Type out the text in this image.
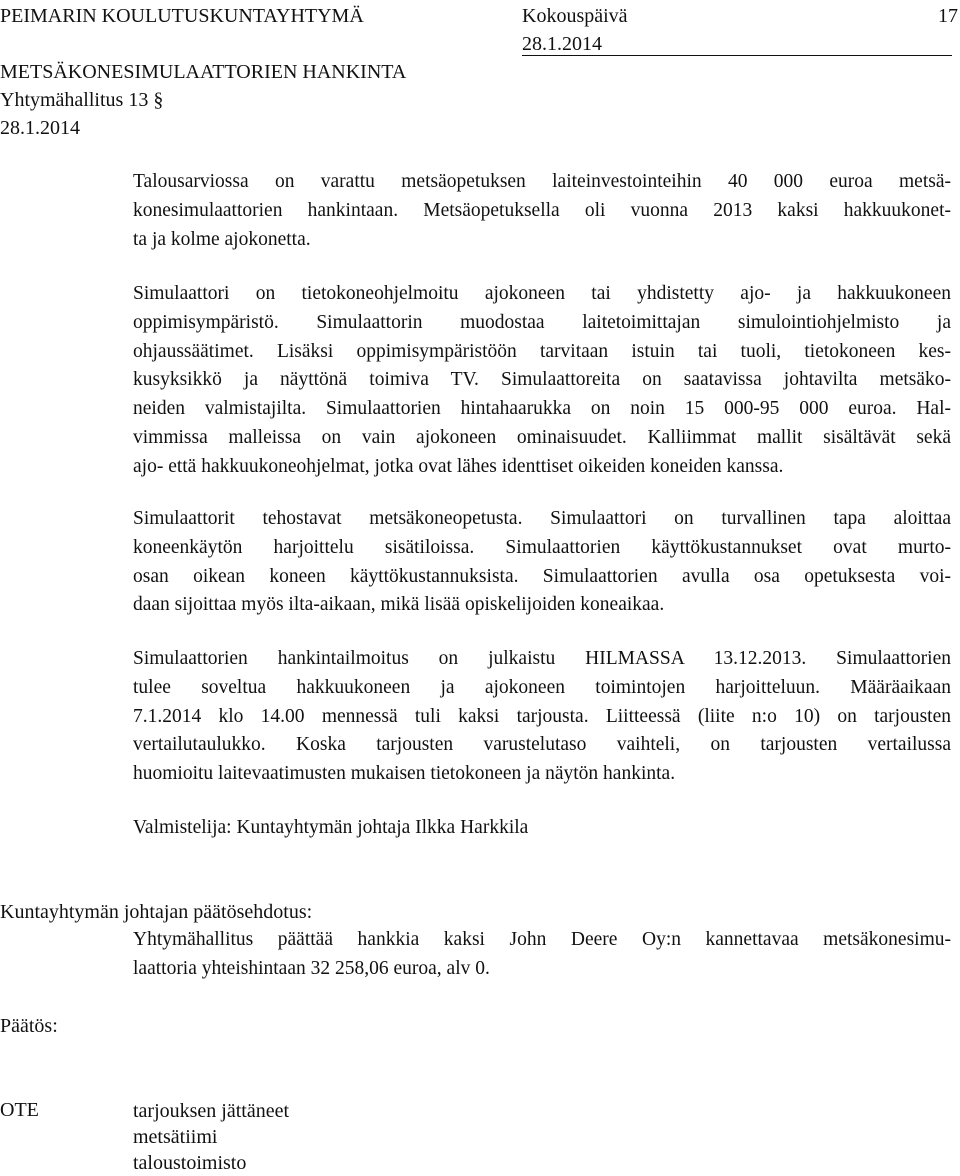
PEIMARIN KOULUTUSKUNTAYHTYMÄ	Kokouspäivä	17
28.1.2014
METSÄKONESIMULAATTORIEN HANKINTA
Yhtymähallitus 13 §
28.1.2014
Talousarviossa on varattu metsäopetuksen laiteinvestointeihin 40 000 euroa metsä-
konesimulaattorien hankintaan. Metsäopetuksella oli vuonna 2013 kaksi hakkuukonet-
ta ja kolme ajokonetta.
Simulaattori on tietokoneohjelmoitu ajokoneen tai yhdistetty ajo- ja hakkuukoneen
oppimisympäristö. Simulaattorin muodostaa laitetoimittajan simulointiohjelmisto ja
ohjaussäätimet. Lisäksi oppimisympäristöön tarvitaan istuin tai tuoli, tietokoneen kes-
kusyksikkö ja näyttönä toimiva TV. Simulaattoreita on saatavissa johtavilta metsäko-
neiden valmistajilta. Simulaattorien hintahaarukka on noin 15 000-95 000 euroa. Hal-
vimmissa malleissa on vain ajokoneen ominaisuudet. Kalliimmat mallit sisältävät sekä
ajo- että hakkuukoneohjelmat, jotka ovat lähes identtiset oikeiden koneiden kanssa.
Simulaattorit tehostavat metsäkoneopetusta. Simulaattori on turvallinen tapa aloittaa
koneenkäytön harjoittelu sisätiloissa. Simulaattorien käyttökustannukset ovat murto-
osan oikean koneen käyttökustannuksista. Simulaattorien avulla osa opetuksesta voi-
daan sijoittaa myös ilta-aikaan, mikä lisää opiskelijoiden koneaikaa.
Simulaattorien hankintailmoitus on julkaistu HILMASSA 13.12.2013. Simulaattorien
tulee soveltua hakkuukoneen ja ajokoneen toimintojen harjoitteluun. Määräaikaan
7.1.2014 klo 14.00 mennessä tuli kaksi tarjousta. Liitteessä (liite n:o 10) on tarjousten
vertailutaulukko. Koska tarjousten varustelutaso vaihteli, on tarjousten vertailussa
huomioitu laitevaatimusten mukaisen tietokoneen ja näytön hankinta.
Valmistelija: Kuntayhtymän johtaja Ilkka Harkkila
Kuntayhtymän johtajan päätösehdotus:
Yhtymähallitus päättää hankkia kaksi John Deere Oy:n kannettavaa metsäkonesimu-
laattoria yhteishintaan 32 258,06 euroa, alv 0.
Päätös:
OTE	tarjouksen jättäneet
metsätiimi
taloustoimisto
